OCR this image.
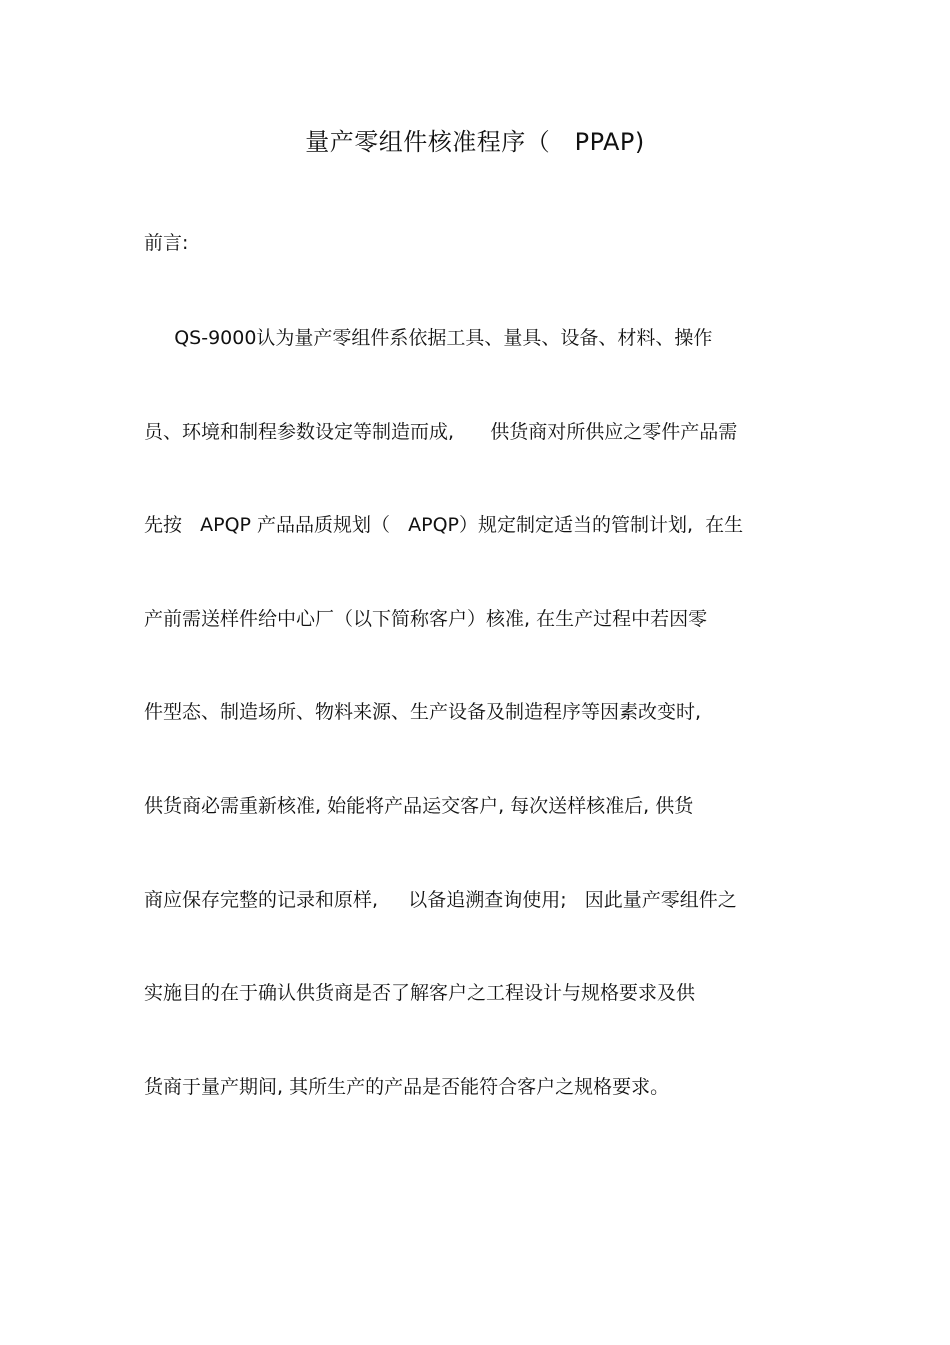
量产零组件核准程序（   PPAP)
前言:

QS-9000认为量产零组件系依据工具、量具、设备、材料、操作

员、环境和制程参数设定等制造而成,      供货商对所供应之零件产品需

先按   APQP 产品品质规划（   APQP）规定制定适当的管制计划,  在生

产前需送样件给中心厂（以下简称客户）核准, 在生产过程中若因零

件型态、制造场所、物料来源、生产设备及制造程序等因素改变时,

供货商必需重新核准, 始能将产品运交客户, 每次送样核准后, 供货

商应保存完整的记录和原样,     以备追溯查询使用;   因此量产零组件之

实施目的在于确认供货商是否了解客户之工程设计与规格要求及供

货商于量产期间, 其所生产的产品是否能符合客户之规格要求。
